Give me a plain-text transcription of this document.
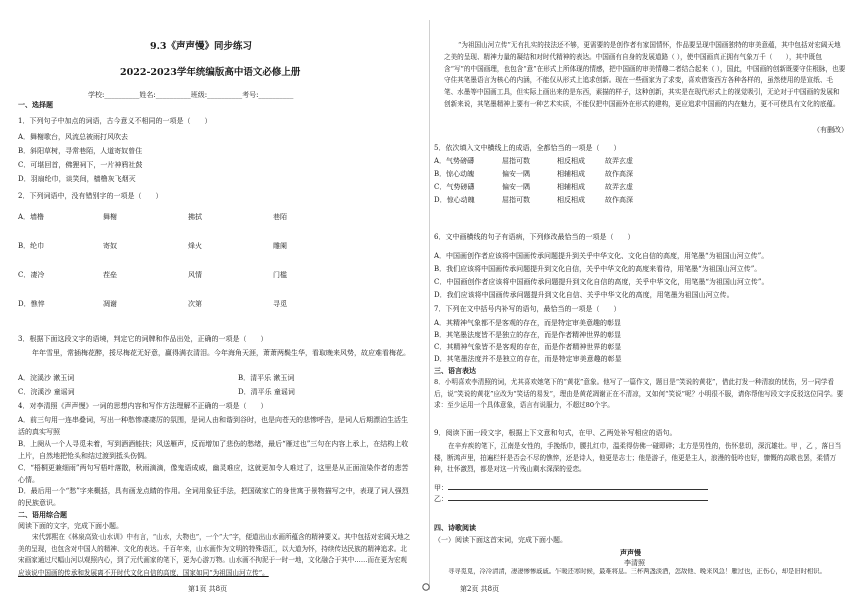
9.3《声声慢》同步练习
2022-2023学年统编版高中语文必修上册
学校:__________姓名:__________班级:__________考号:__________
一、选择题
1．下列句子中加点的词语，古今意义不相同的一项是（　　）
A．舞榭歌台，风流总被雨打风吹去
B．斜阳草树，寻常巷陌，人道寄奴曾住
C．可堪回首，佛狸祠下，一片神鸦社鼓
D．羽扇纶巾，谈笑间，樯橹灰飞烟灭
2．下列词语中，没有错别字的一项是（　　）
A．墙橹	舞榭	拂拭	巷陌
B．纶巾	寄奴	烽火	雕阑
C．凄冷	茬垒	风情	门槛
D．憔悴	凋谢	次第	寻觅
3．根据下面这段文字的语境，判定它的词牌和作品出处，正确的一项是（　　）
年年雪里，常插梅花醉，挼尽梅花无好意，赢得满衣清泪。今年海角天涯，萧萧两鬓生华，看取晚来风势，故应难看梅花。
A．浣溪沙 漱玉词	B．清平乐 漱玉词
C．浣溪沙 童谣词	D．清平乐 童谣词
4．对李清照《声声慢》一词的思想内容和写作方法理解不正确的一项是（　　）
A．前三句用一连串叠词，写出一种愁惨凄凄厉的氛围，是词人由和谐到谷时，也是向苍天的悲惨呼告，是词人后期漂泊生活生活的真实写照
B．上阕从一个人寻觅未着，写到酒酒能扶；风送雁声，反而增加了悲伤的愁绪，最后“雁过也”三句在内容上承上，在结构上收上片，自然地把怆头和结过渡到抵头伤惆。
C．“梧桐更兼细雨”两句写梧叶落散，秋雨滴滴，像鬼语成威，幽灵难应，这就更加令人难过了，这里是从正面渲染作者的悲苦心情。
D．最后用一个“愁”字来概括，具有画龙点睛的作用。全词用象征手法，把国破家亡的身世寓于景物描写之中，表现了词人强烈的民族意识。
二、语用综合题
阅读下面的文字，完成下面小题。
宋代郭熙在《林泉高致·山水训》中有言，“山水，大物也”，一个“大”字，便道出山水画所蕴含的精神要义。其中包括对宏阔天地之美的呈现，也包含对中国人的精神、文化的表达。千百年来，山水画作为文明的特殊语汇，以大道为怀，持续传达民族的精神追求。北宋画家通过尺幅山河以观照内心，到了元代画家的笔下，更为心游万物。山水画不拘泥于一时一地，文化融合于其中……而在更为宏观
应该说中国画的传承和发展离不开时代文化自信的高度，国家如同“为祖国山河立传”。
第1页 共8页
“为祖国山河立传”无有扎实的技法还不够，更需要的是创作者有家国情怀，作品要呈现中国画独特的审美意蕴，其中包括对宏阔天地之美的呈现、精神力量的凝结和对时代精神的表达。中国画有自身的发展道路（ ），使中国画真正拥有气象万千（　　），其中既包含“写”的中国画理，也包含“意”在形式上所体现的情感，把中国画的审美情趣二者结合起来（ ），国此，中国画的创新既要守住根脉，也要守住其笔墨语言为核心的内涵，不能仅从形式上追求创新。现在一些画家为了求变，喜欢借鉴西方各种各样的，虽然使用的是宣纸、毛笔、水墨等中国画工具，但实际上画出来的是东西，素描的样子，这种创新，其实是在现代形式上的视觉吸引，无论对于中国画的发展和创新来说，其笔墨精神上要有一种艺术实质，不能仅把中国画外在形式的建构，更应追求中国画的内在魅力，更不可使具有文化的底蕴。
（有删改）
5．依次填入文中横线上的成语，全都恰当的一项是（　　）
A．气势磅礴	屈指可数	相反相成	故弄玄虚
B．惊心动魄	偏安一隅	相辅相成	故作高深
C．气势磅礴	偏安一隅	相辅相成	故弄玄虚
D．惊心动魄	屈指可数	相反相成	故作高深
6．文中画横线的句子有语病，下列修改最恰当的一项是（　　）
A．中国画创作者应该将中国画传承问题提升到关乎中华文化、文化自信的高度，用笔墨“为祖国山河立传”。
B．我们应该将中国画传承问题提升到文化自信，关乎中华文化的高度来看待，用笔墨“为祖国山河立传”。
C．中国画创作者应该将中国画传承问题提升到文化自信的高度，关乎中华文化，用笔墨“为祖国山河立传”。
D．我们应该将中国画传承问题提升到文化自信、关乎中华文化的高度，用笔墨为祖国山河立传。
7．下列在文中括号内补写的语句，最恰当的一项是（　　）
A．其精神气象都不是客观的存在，而是特定审美意趣的彰显
B．其笔墨法度皆不是独立的存在，而是作者精神世界的彰显
C．其精神气象皆不是客观的存在，而是作者精神世界的彰显
D．其笔墨法度并不是独立的存在，而是特定审美意趣的彰显
三、语言表达
8．小明喜欢李清照的词，尤其喜欢她笔下的“黄花”意象。他写了一篇作文，题目是“笑说的黄花”，借此打发一种清寂的忧伤，另一同学看后，说“笑说的黄花”应改为“笑话的易发”，理由是黄花凋谢正在不清凉，又如何“笑说”呢？小明很不服，请你帮他写段文字反驳这位同学。要求：至少运用一个具体意象，语言有说服力，不超过80个字。
9．阅读下面一段文字，根据上下文意和句式，在甲、乙两处补写相应的语句。
在辛弃疾的笔下，江南是女性的，手挽纸巾，腰扎红巾，温柔得仿佛一碰即碎；北方是男性的，伤怀悲切，深沉雄壮。甲 ，乙 ，落日当楼，断鸿声里，拍遍栏杆是否会不尽的憔悴，还是诗人，他更是志士；他是游子，他更是主人，浪漫的低吟也好，慷慨的高歌也罢，柔情万种，壮怀激烈，都是对这一片残山剩水深深的爱恋。
甲：
乙：
四、诗歌阅读
（一）阅读下面这首宋词，完成下面小题。
声声慢
李清照
寻寻觅觅，冷冷清清，凄凄惨惨戚戚。乍暖还寒时候，最难将息。三杯两盏淡酒，怎敌他、晚来风急！雁过也，正伤心，却是旧时相识。
第2页 共8页
